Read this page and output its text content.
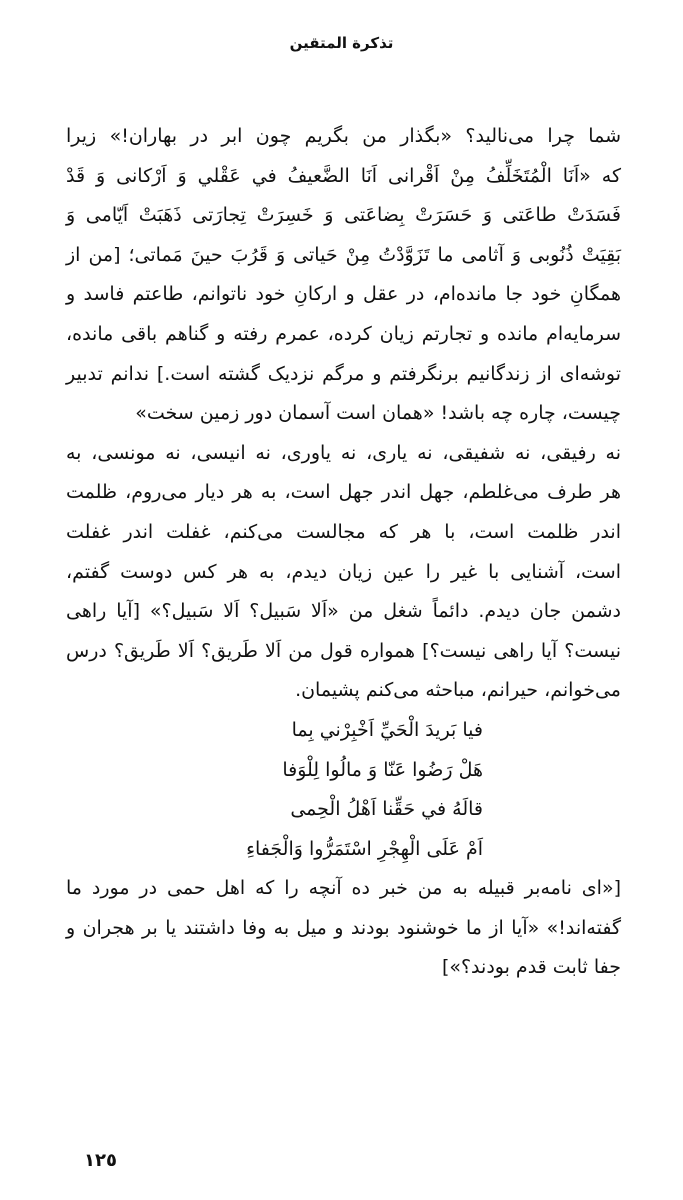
تذكرة المتقين
شما چرا می‌نالید؟ «بگذار من بگریم چون ابر در بهاران!» زیرا
که «اَنَا الْمُتَخَلِّفُ مِنْ اَقْرانی اَنَا الضَّعیفُ في عَقْلي وَ اَرْکانی وَ قَدْ
فَسَدَتْ طاعَتی وَ حَسَرَتْ بِضاعَتی وَ خَسِرَتْ تِجارَتی ذَهَبَتْ اَیّامی وَ
بَقِیَتْ ذُنُوبی وَ آثامی ما تَزَوَّدْتُ مِنْ حَیاتی وَ قَرُبَ حینَ مَماتی؛ [من از
همگانِ خود جا مانده‌ام، در عقل و ارکانِ خود ناتوانم، طاعتم فاسد و
سرمایه‌ام مانده و تجارتم زیان کرده، عمرم رفته و گناهم باقی مانده،
توشه‌ای از زندگانیم برنگرفتم و مرگم نزدیک گشته است.] ندانم تدبیر
چیست، چاره چه باشد! «همان است آسمان دور زمین سخت»
نه رفیقی، نه شفیقی، نه یاری، نه یاوری، نه انیسی، نه مونسی، به
هر طرف می‌غلطم، جهل اندر جهل است، به هر دیار می‌روم، ظلمت
اندر ظلمت است، با هر که مجالست می‌کنم، غفلت اندر غفلت
است، آشنایی با غیر را عین زیان دیدم، به هر کس دوست گفتم،
دشمن جان دیدم. دائماً شغل من «اَلا سَبیل؟ اَلا سَبیل؟» [آیا راهی
نیست؟ آیا راهی نیست؟] همواره قول من اَلا طَریق؟ اَلا طَریق؟ درس
می‌خوانم، حیرانم، مباحثه می‌کنم پشیمان.
فیا بَریدَ الْحَيِّ اَخْبِرْني بِما
هَلْ رَضُوا عَنّا وَ مالُوا لِلْوَفا
قالَهُ في حَقِّنا اَهْلُ الْحِمی
اَمْ عَلَی الْهِجْرِ اسْتَمَرُّوا وَالْجَفاءِ
[«ای نامه‌بر قبیله به من خبر ده آنچه را که اهل حمی در مورد ما
گفته‌اند!» «آیا از ما خوشنود بودند و میل به وفا داشتند یا بر هجران و
جفا ثابت قدم بودند؟»]
١٢٥
